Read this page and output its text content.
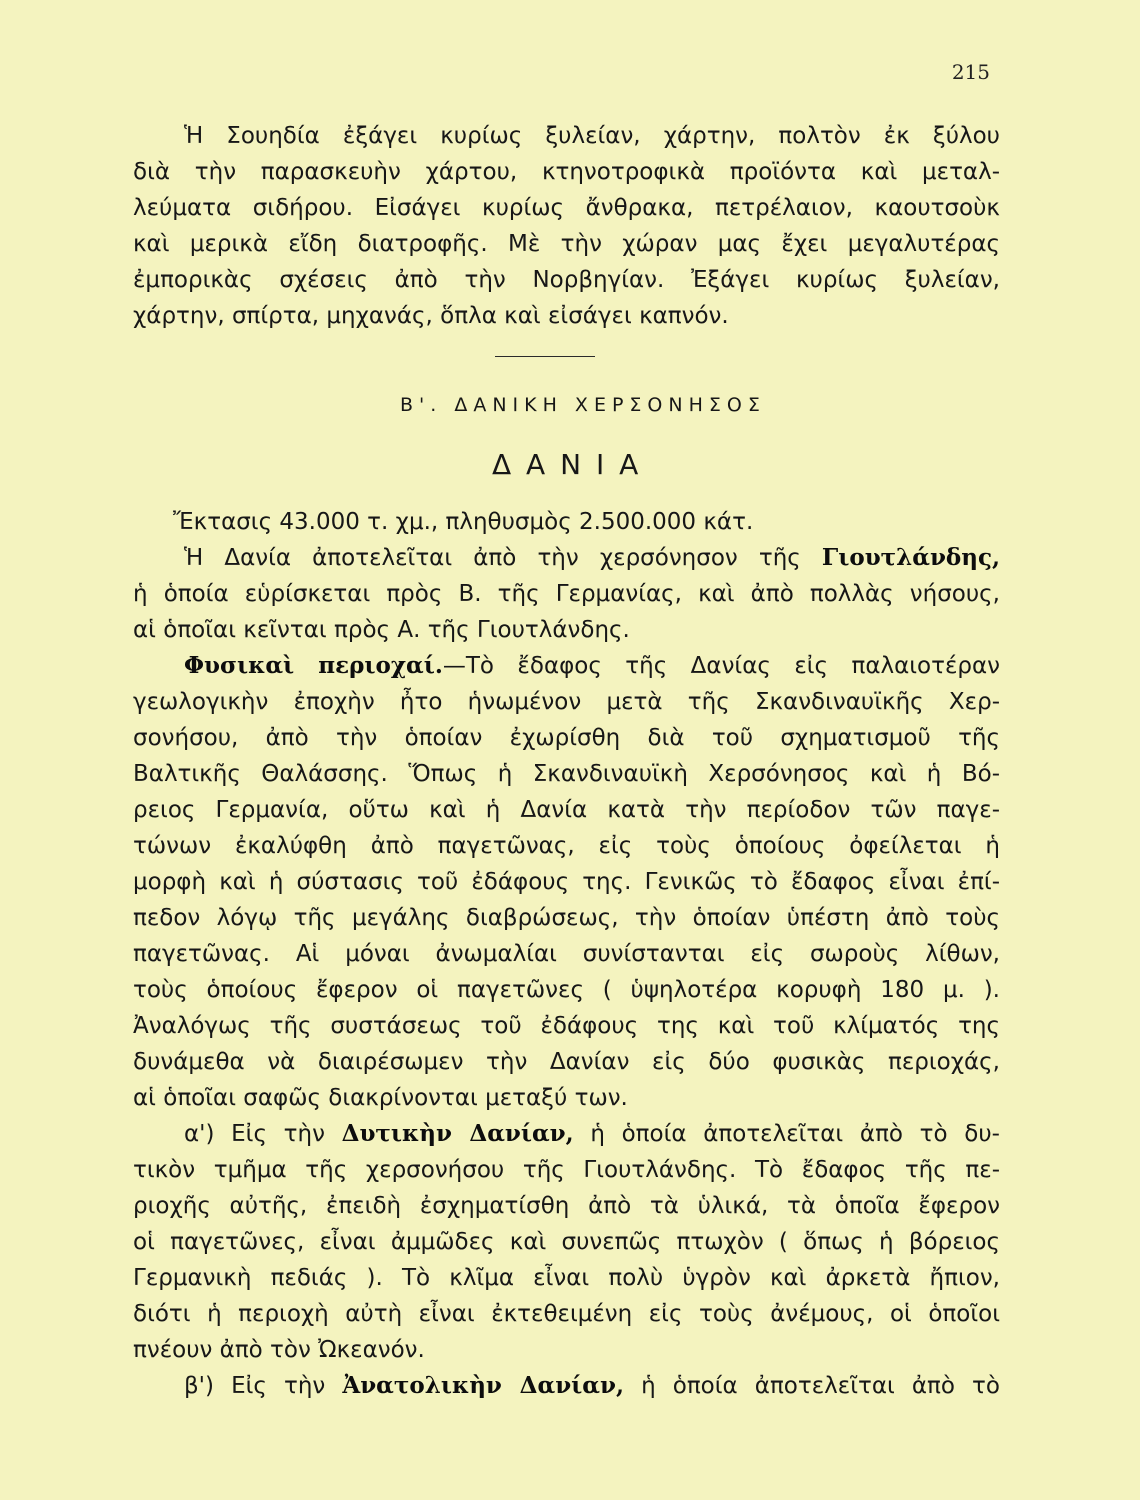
215
Ἡ Σουηδία ἐξάγει κυρίως ξυλείαν, χάρτην, πολτὸν ἐκ ξύλου
διὰ τὴν παρασκευὴν χάρτου, κτηνοτροφικὰ προϊόντα καὶ μεταλ-
λεύματα σιδήρου. Εἰσάγει κυρίως ἄνθρακα, πετρέλαιον, καουτσοὺκ
καὶ μερικὰ εἴδη διατροφῆς. Μὲ τὴν χώραν μας ἔχει μεγαλυτέρας
ἐμπορικὰς σχέσεις ἀπὸ τὴν Νορβηγίαν. Ἐξάγει κυρίως ξυλείαν,
χάρτην, σπίρτα, μηχανάς, ὅπλα καὶ εἰσάγει καπνόν.
Β'. ΔΑΝΙΚΗ ΧΕΡΣΟΝΗΣΟΣ
Δ Α Ν Ι Α
Ἔκτασις 43.000 τ. χμ., πληθυσμὸς 2.500.000 κάτ.
Ἡ Δανία ἀποτελεῖται ἀπὸ τὴν χερσόνησον τῆς Γιουτλάνδης,
ἡ ὁποία εὑρίσκεται πρὸς Β. τῆς Γερμανίας, καὶ ἀπὸ πολλὰς νήσους,
αἱ ὁποῖαι κεῖνται πρὸς Α. τῆς Γιουτλάνδης.
Φυσικαὶ περιοχαί.—Τὸ ἔδαφος τῆς Δανίας εἰς παλαιοτέραν
γεωλογικὴν ἐποχὴν ἦτο ἡνωμένον μετὰ τῆς Σκανδιναυϊκῆς Χερ-
σονήσου, ἀπὸ τὴν ὁποίαν ἐχωρίσθη διὰ τοῦ σχηματισμοῦ τῆς
Βαλτικῆς Θαλάσσης. Ὅπως ἡ Σκανδιναυϊκὴ Χερσόνησος καὶ ἡ Βό-
ρειος Γερμανία, οὕτω καὶ ἡ Δανία κατὰ τὴν περίοδον τῶν παγε-
τώνων ἐκαλύφθη ἀπὸ παγετῶνας, εἰς τοὺς ὁποίους ὀφείλεται ἡ
μορφὴ καὶ ἡ σύστασις τοῦ ἐδάφους της. Γενικῶς τὸ ἔδαφος εἶναι ἐπί-
πεδον λόγῳ τῆς μεγάλης διαβρώσεως, τὴν ὁποίαν ὑπέστη ἀπὸ τοὺς
παγετῶνας. Αἱ μόναι ἀνωμαλίαι συνίστανται εἰς σωροὺς λίθων,
τοὺς ὁποίους ἔφερον οἱ παγετῶνες ( ὑψηλοτέρα κορυφὴ 180 μ. ).
Ἀναλόγως τῆς συστάσεως τοῦ ἐδάφους της καὶ τοῦ κλίματός της
δυνάμεθα νὰ διαιρέσωμεν τὴν Δανίαν εἰς δύο φυσικὰς περιοχάς,
αἱ ὁποῖαι σαφῶς διακρίνονται μεταξύ των.
α') Εἰς τὴν Δυτικὴν Δανίαν, ἡ ὁποία ἀποτελεῖται ἀπὸ τὸ δυ-
τικὸν τμῆμα τῆς χερσονήσου τῆς Γιουτλάνδης. Τὸ ἔδαφος τῆς πε-
ριοχῆς αὐτῆς, ἐπειδὴ ἐσχηματίσθη ἀπὸ τὰ ὑλικά, τὰ ὁποῖα ἔφερον
οἱ παγετῶνες, εἶναι ἀμμῶδες καὶ συνεπῶς πτωχὸν ( ὅπως ἡ βόρειος
Γερμανικὴ πεδιάς ). Τὸ κλῖμα εἶναι πολὺ ὑγρὸν καὶ ἀρκετὰ ἤπιον,
διότι ἡ περιοχὴ αὐτὴ εἶναι ἐκτεθειμένη εἰς τοὺς ἀνέμους, οἱ ὁποῖοι
πνέουν ἀπὸ τὸν Ὠκεανόν.
β') Εἰς τὴν Ἀνατολικὴν Δανίαν, ἡ ὁποία ἀποτελεῖται ἀπὸ τὸ
